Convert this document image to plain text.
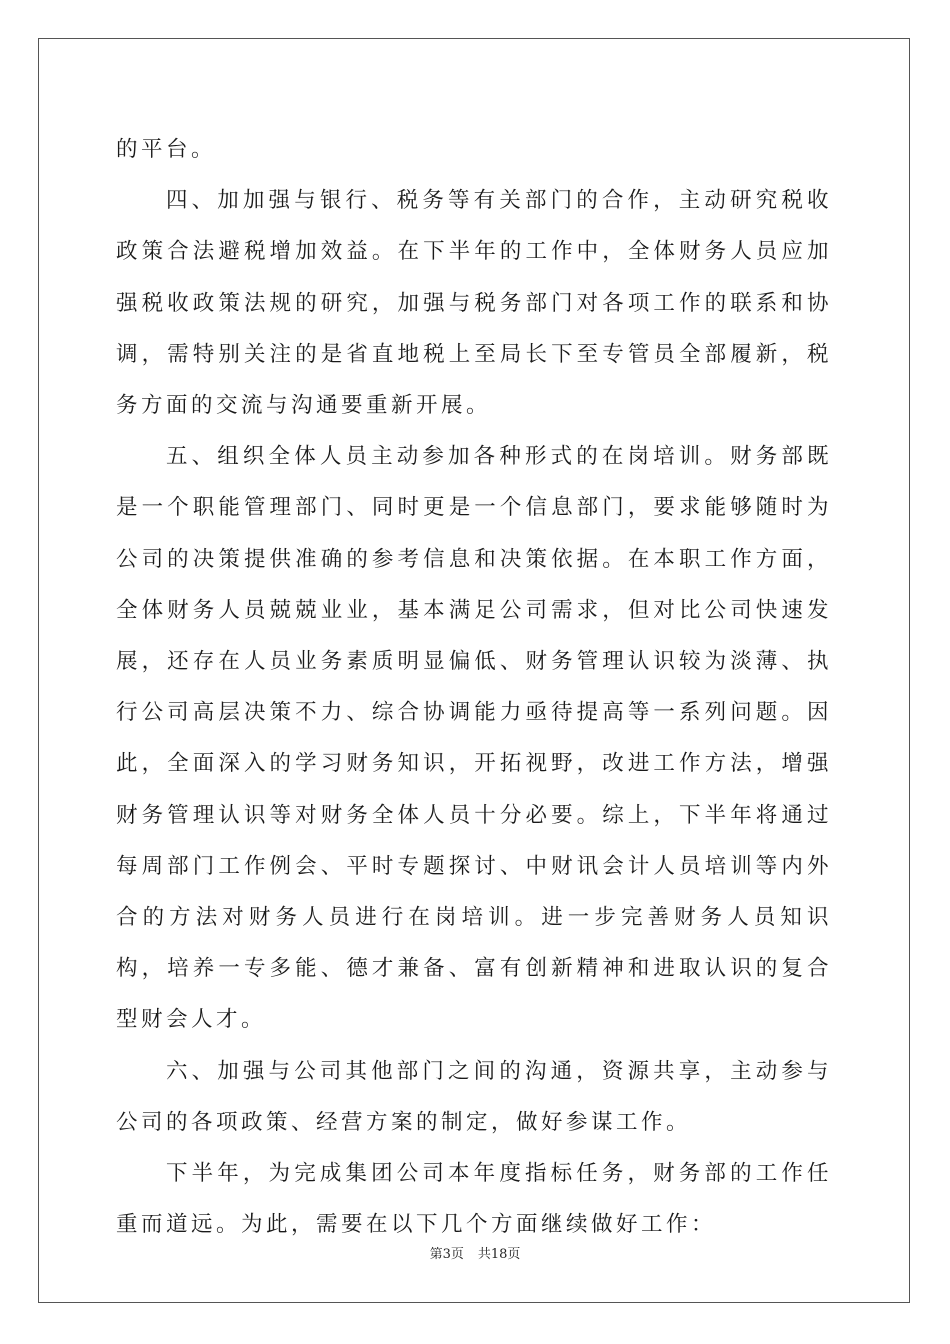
的平台。

四、加加强与银行、税务等有关部门的合作，主动研究税收政策合法避税增加效益。在下半年的工作中，全体财务人员应加强税收政策法规的研究，加强与税务部门对各项工作的联系和协调，需特别关注的是省直地税上至局长下至专管员全部履新，税务方面的交流与沟通要重新开展。

五、组织全体人员主动参加各种形式的在岗培训。财务部既是一个职能管理部门、同时更是一个信息部门，要求能够随时为公司的决策提供准确的参考信息和决策依据。在本职工作方面，全体财务人员兢兢业业，基本满足公司需求，但对比公司快速发展，还存在人员业务素质明显偏低、财务管理认识较为淡薄、执行公司高层决策不力、综合协调能力亟待提高等一系列问题。因此，全面深入的学习财务知识，开拓视野，改进工作方法，增强财务管理认识等对财务全体人员十分必要。综上，下半年将通过每周部门工作例会、平时专题探讨、中财讯会计人员培训等内外合的方法对财务人员进行在岗培训。进一步完善财务人员知识构，培养一专多能、德才兼备、富有创新精神和进取认识的复合型财会人才。

六、加强与公司其他部门之间的沟通，资源共享，主动参与公司的各项政策、经营方案的制定，做好参谋工作。

下半年，为完成集团公司本年度指标任务，财务部的工作任重而道远。为此，需要在以下几个方面继续做好工作：

第3页 共18页
